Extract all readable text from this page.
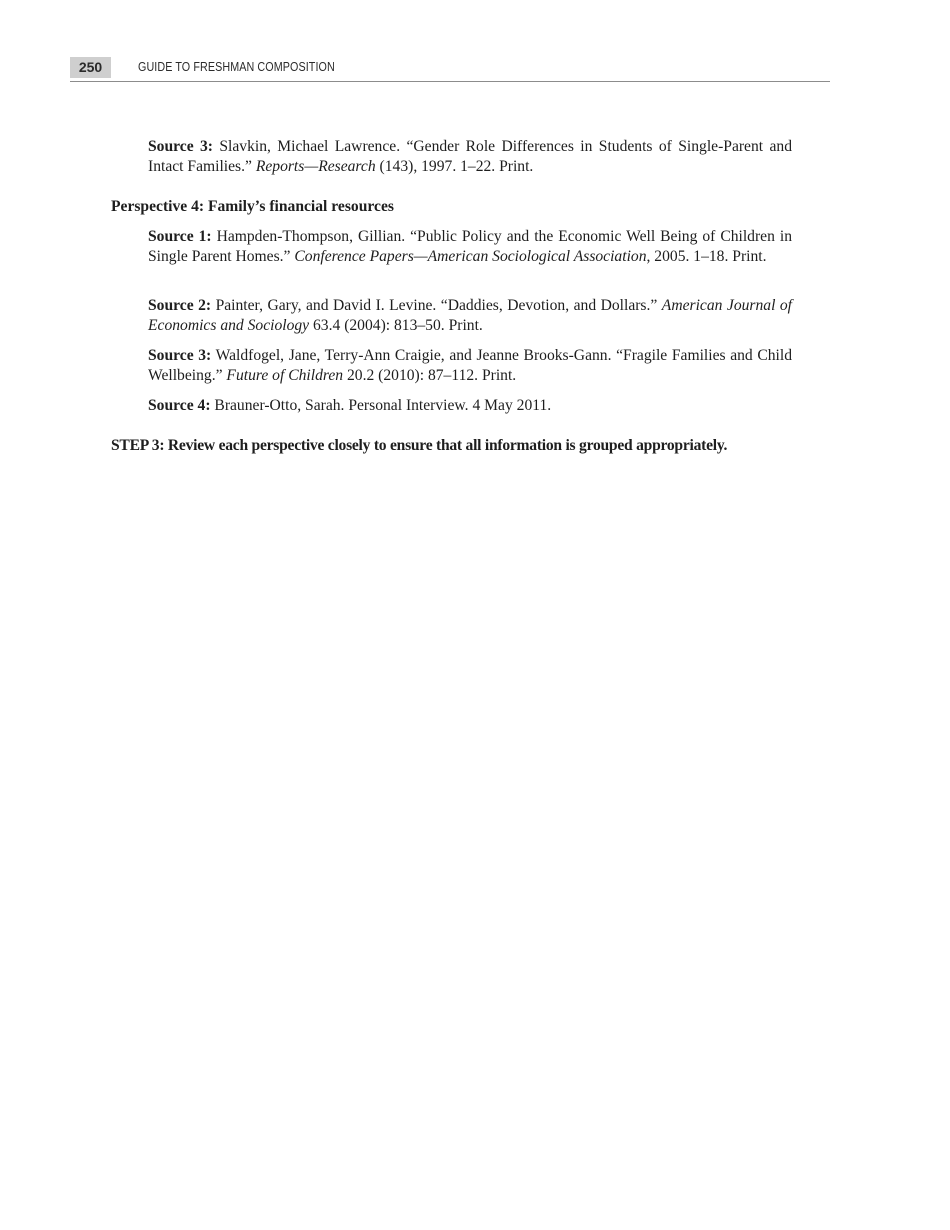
250	GUIDE TO FRESHMAN COMPOSITION

Source 3: Slavkin, Michael Lawrence. “Gender Role Differences in Students of Single-Parent and Intact Families.” Reports—Research (143), 1997. 1–22. Print.

Perspective 4: Family’s financial resources

Source 1: Hampden-Thompson, Gillian. “Public Policy and the Economic Well Being of Children in Single Parent Homes.” Conference Papers—American Sociological Association, 2005. 1–18. Print.

Source 2: Painter, Gary, and David I. Levine. “Daddies, Devotion, and Dollars.” American Journal of Economics and Sociology 63.4 (2004): 813–50. Print.

Source 3: Waldfogel, Jane, Terry-Ann Craigie, and Jeanne Brooks-Gann. “Fragile Families and Child Wellbeing.” Future of Children 20.2 (2010): 87–112. Print.

Source 4: Brauner-Otto, Sarah. Personal Interview. 4 May 2011.

STEP 3: Review each perspective closely to ensure that all information is grouped appropriately.
